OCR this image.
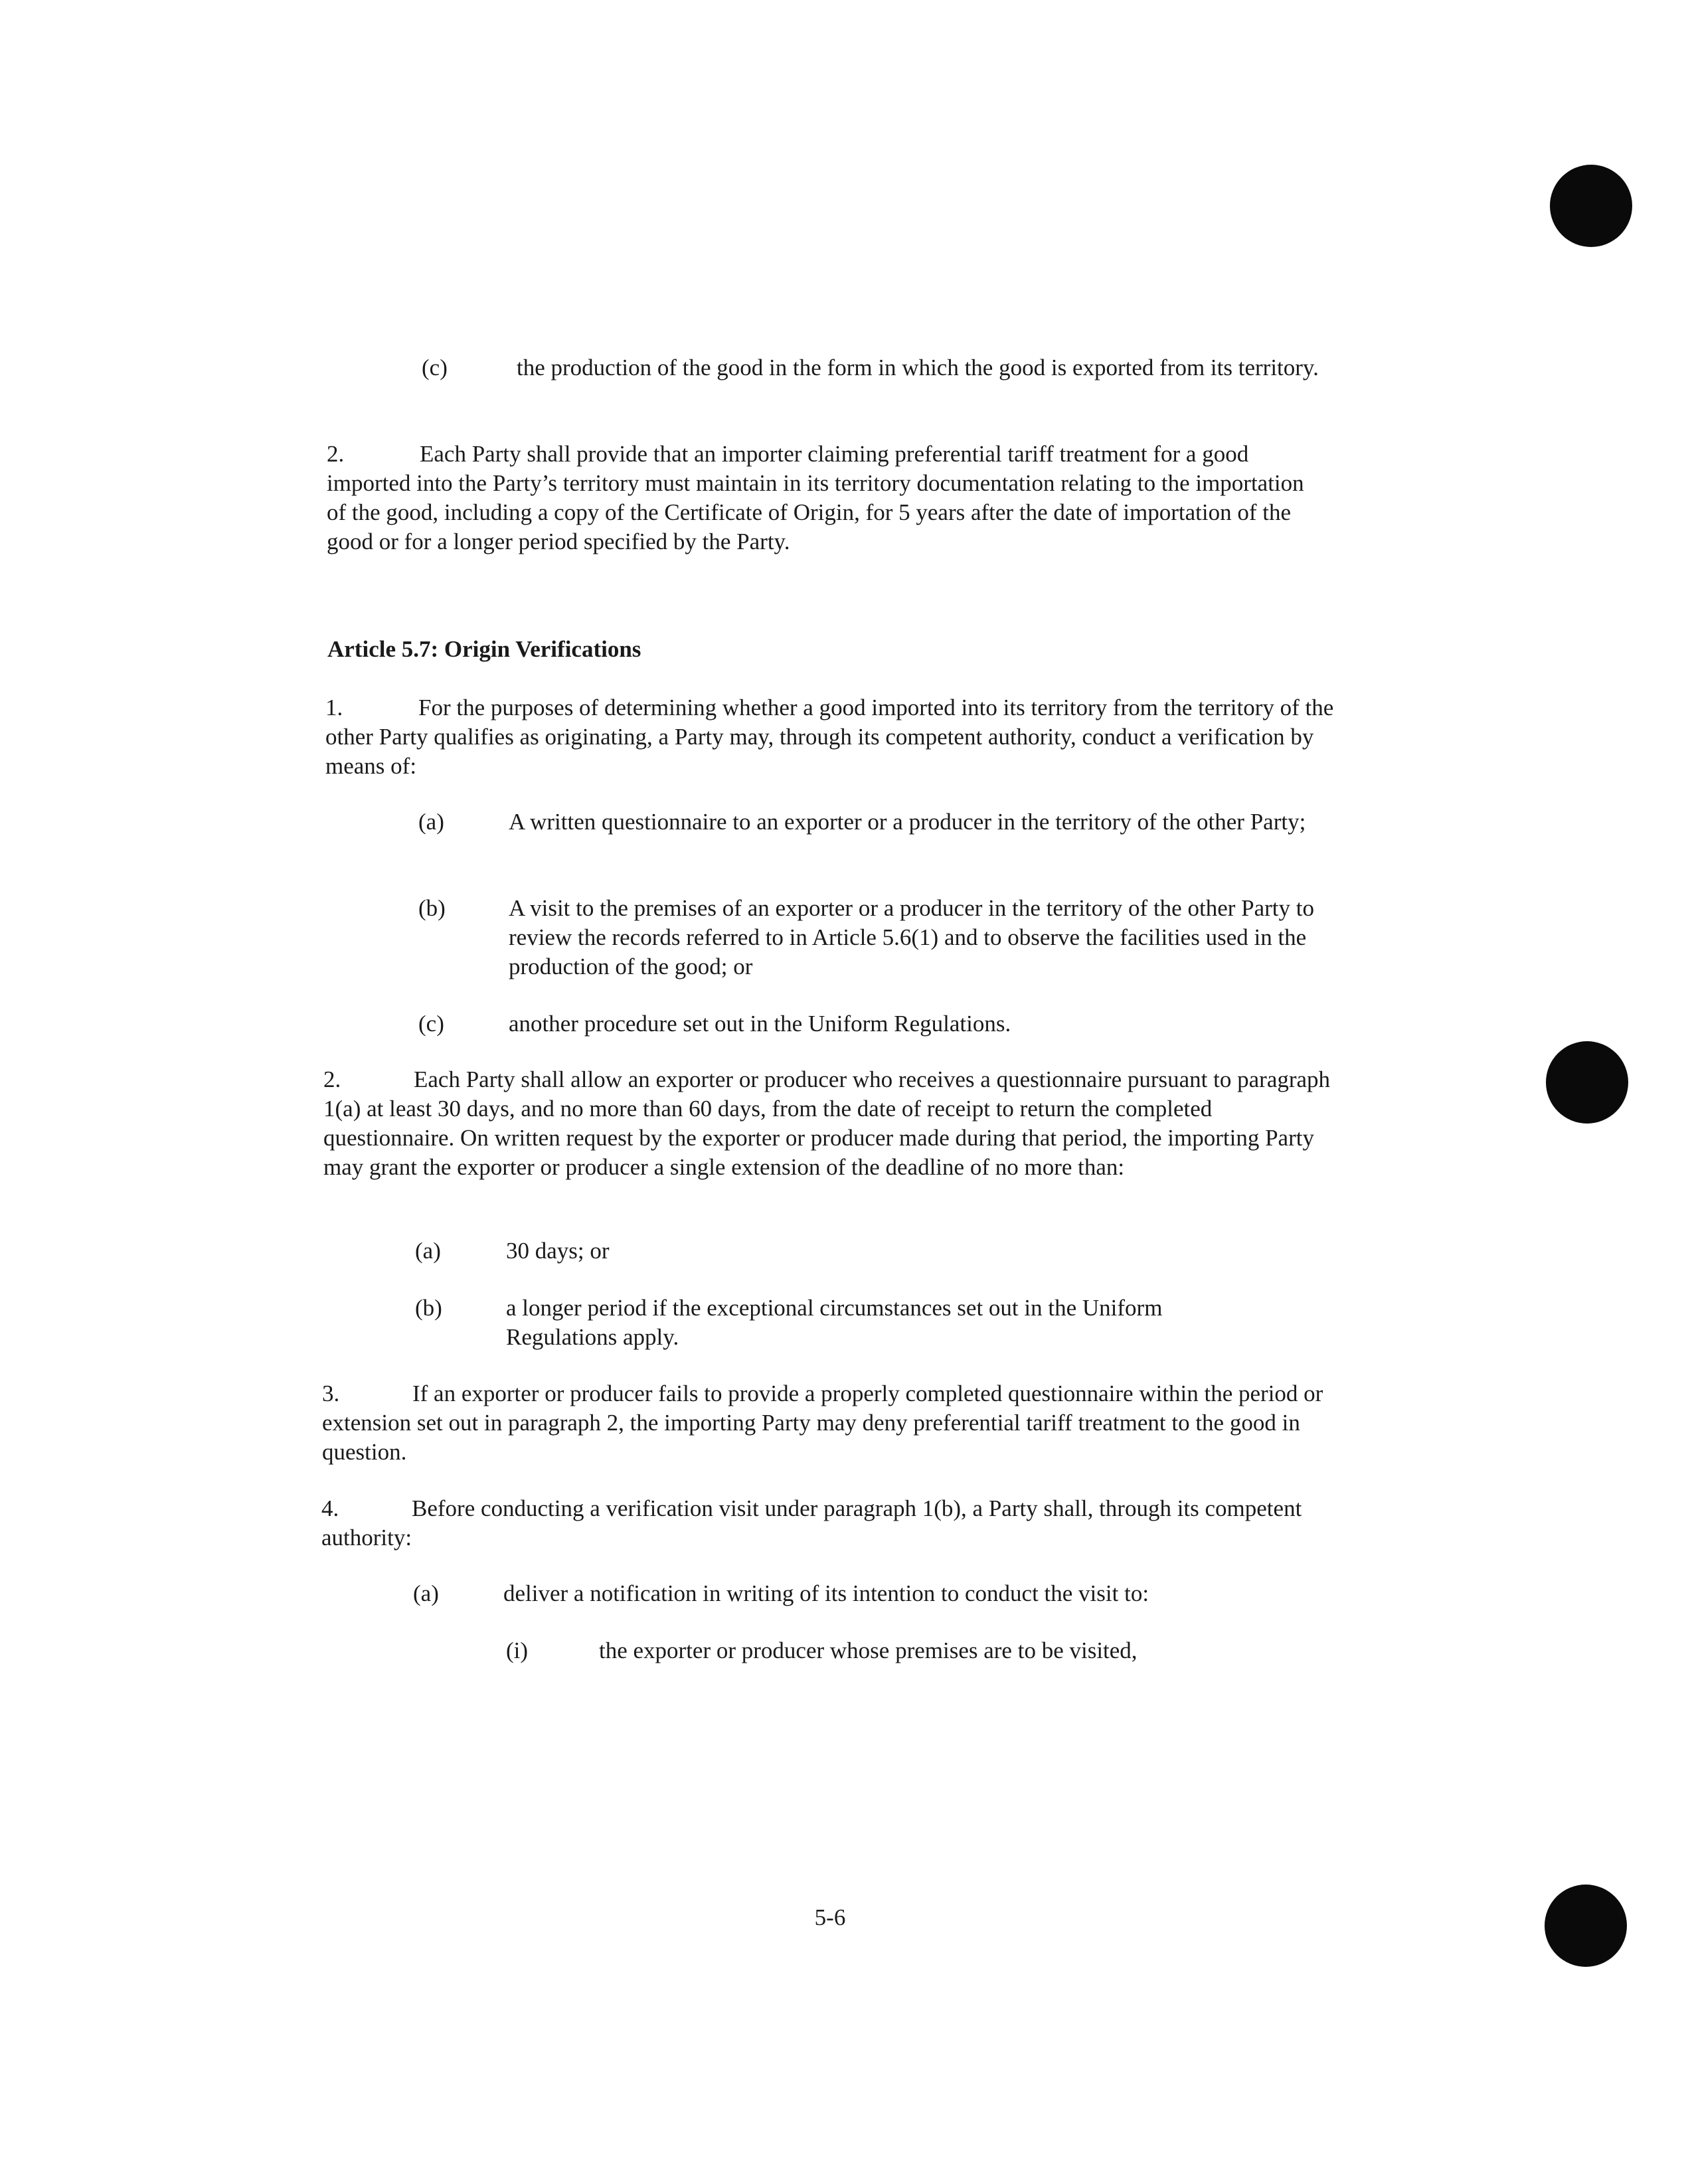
(c)	the production of the good in the form in which the good is exported from its territory.

2.	Each Party shall provide that an importer claiming preferential tariff treatment for a good imported into the Party’s territory must maintain in its territory documentation relating to the importation of the good, including a copy of the Certificate of Origin, for 5 years after the date of importation of the good or for a longer period specified by the Party.

Article 5.7: Origin Verifications

1.	For the purposes of determining whether a good imported into its territory from the territory of the other Party qualifies as originating, a Party may, through its competent authority, conduct a verification by means of:

(a)	A written questionnaire to an exporter or a producer in the territory of the other Party;

(b)	A visit to the premises of an exporter or a producer in the territory of the other Party to review the records referred to in Article 5.6(1) and to observe the facilities used in the production of the good; or

(c)	another procedure set out in the Uniform Regulations.

2.	Each Party shall allow an exporter or producer who receives a questionnaire pursuant to paragraph 1(a) at least 30 days, and no more than 60 days, from the date of receipt to return the completed questionnaire. On written request by the exporter or producer made during that period, the importing Party may grant the exporter or producer a single extension of the deadline of no more than:

(a)	30 days; or

(b)	a longer period if the exceptional circumstances set out in the Uniform Regulations apply.

3.	If an exporter or producer fails to provide a properly completed questionnaire within the period or extension set out in paragraph 2, the importing Party may deny preferential tariff treatment to the good in question.

4.	Before conducting a verification visit under paragraph 1(b), a Party shall, through its competent authority:

(a)	deliver a notification in writing of its intention to conduct the visit to:

(i)	the exporter or producer whose premises are to be visited,

5-6
